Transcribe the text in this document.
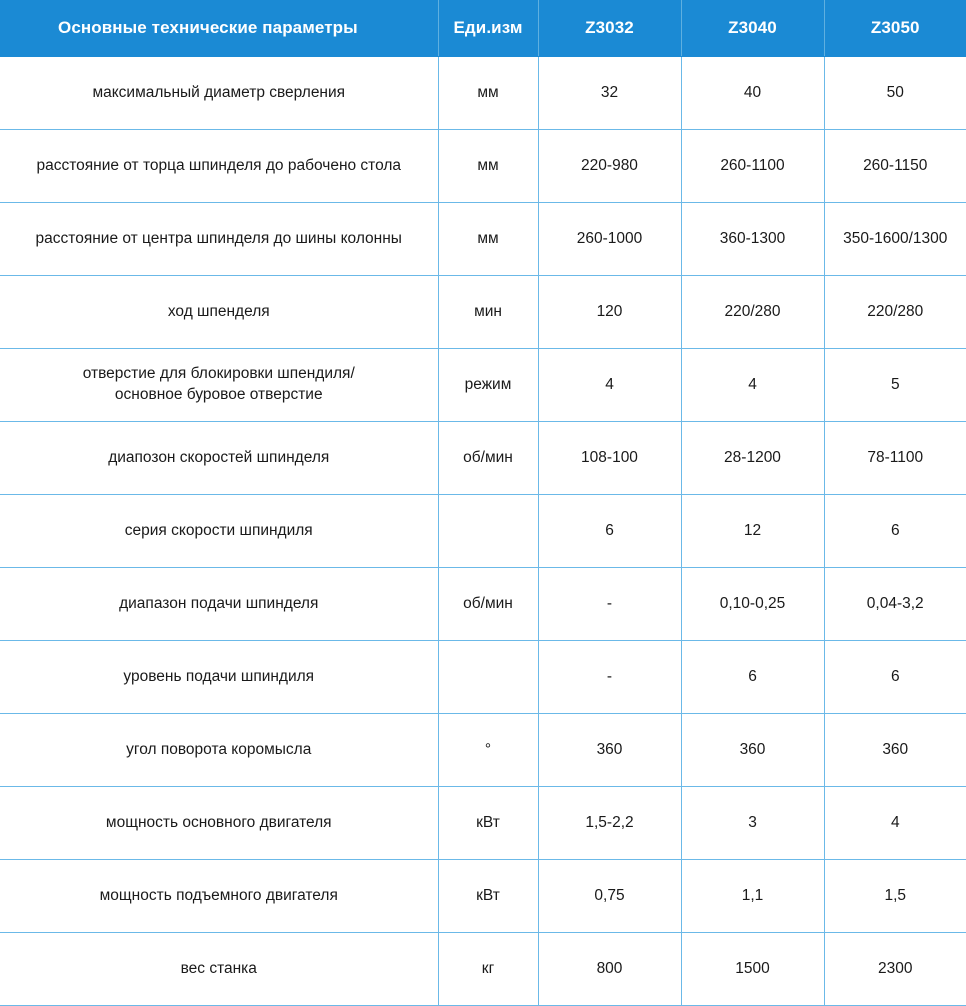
Основные технические параметры	Еди.изм	Z3032	Z3040	Z3050
максимальный диаметр сверления	мм	32	40	50
расстояние от торца шпинделя до рабочено стола	мм	220-980	260-1100	260-1150
расстояние от центра шпинделя до шины колонны	мм	260-1000	360-1300	350-1600/1300
ход шпенделя	мин	120	220/280	220/280

отверстие для блокировки шпендиля/
основное буровое отверстие	режим	4	4	5
диапозон скоростей шпинделя	об/мин	108-100	28-1200	78-1100
серия скорости шпиндиля		6	12	6
диапазон подачи шпинделя	об/мин	-	0,10-0,25	0,04-3,2
уровень подачи шпиндиля		-	6	6
угол поворота коромысла	°	360	360	360
мощность основного двигателя	кВт	1,5-2,2	3	4
мощность подъемного двигателя	кВт	0,75	1,1	1,5
вес станка	кг	800	1500	2300
